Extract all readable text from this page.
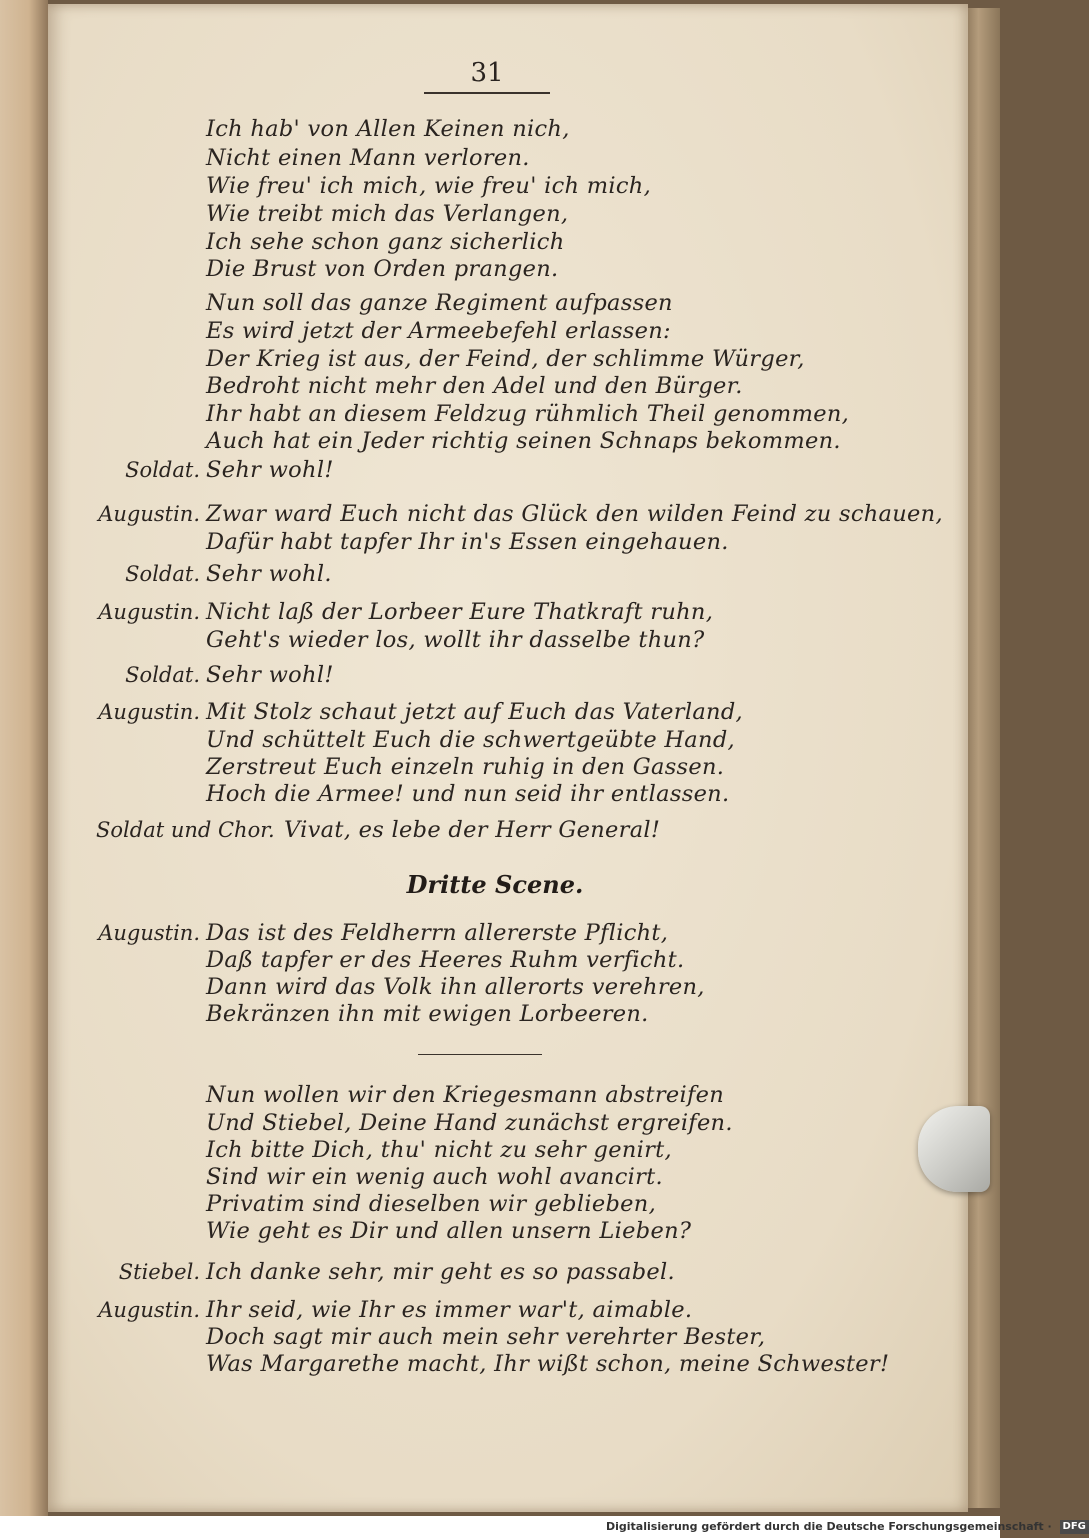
31
Ich hab' von Allen Keinen nich,
Nicht einen Mann verloren.
Wie freu' ich mich, wie freu' ich mich,
Wie treibt mich das Verlangen,
Ich sehe schon ganz sicherlich
Die Brust von Orden prangen.
Nun soll das ganze Regiment aufpassen
Es wird jetzt der Armeebefehl erlassen:
Der Krieg ist aus, der Feind, der schlimme Würger,
Bedroht nicht mehr den Adel und den Bürger.
Ihr habt an diesem Feldzug rühmlich Theil genommen,
Auch hat ein Jeder richtig seinen Schnaps bekommen.
Soldat. Sehr wohl!
Augustin. Zwar ward Euch nicht das Glück den wilden Feind zu schauen,
Dafür habt tapfer Ihr in's Essen eingehauen.
Soldat. Sehr wohl.
Augustin. Nicht laß der Lorbeer Eure Thatkraft ruhn,
Geht's wieder los, wollt ihr dasselbe thun?
Soldat. Sehr wohl!
Augustin. Mit Stolz schaut jetzt auf Euch das Vaterland,
Und schüttelt Euch die schwertgeübte Hand,
Zerstreut Euch einzeln ruhig in den Gassen.
Hoch die Armee! und nun seid ihr entlassen.
Soldat und Chor. Vivat, es lebe der Herr General!
Dritte Scene.
Augustin. Das ist des Feldherrn allererste Pflicht,
Daß tapfer er des Heeres Ruhm verficht.
Dann wird das Volk ihn allerorts verehren,
Bekränzen ihn mit ewigen Lorbeeren.
Nun wollen wir den Kriegesmann abstreifen
Und Stiebel, Deine Hand zunächst ergreifen.
Ich bitte Dich, thu' nicht zu sehr genirt,
Sind wir ein wenig auch wohl avancirt.
Privatim sind dieselben wir geblieben,
Wie geht es Dir und allen unsern Lieben?
Stiebel. Ich danke sehr, mir geht es so passabel.
Augustin. Ihr seid, wie Ihr es immer war't, aimable.
Doch sagt mir auch mein sehr verehrter Bester,
Was Margarethe macht, Ihr wißt schon, meine Schwester!
Digitalisierung gefördert durch die Deutsche Forschungsgemeinschaft · DFG
